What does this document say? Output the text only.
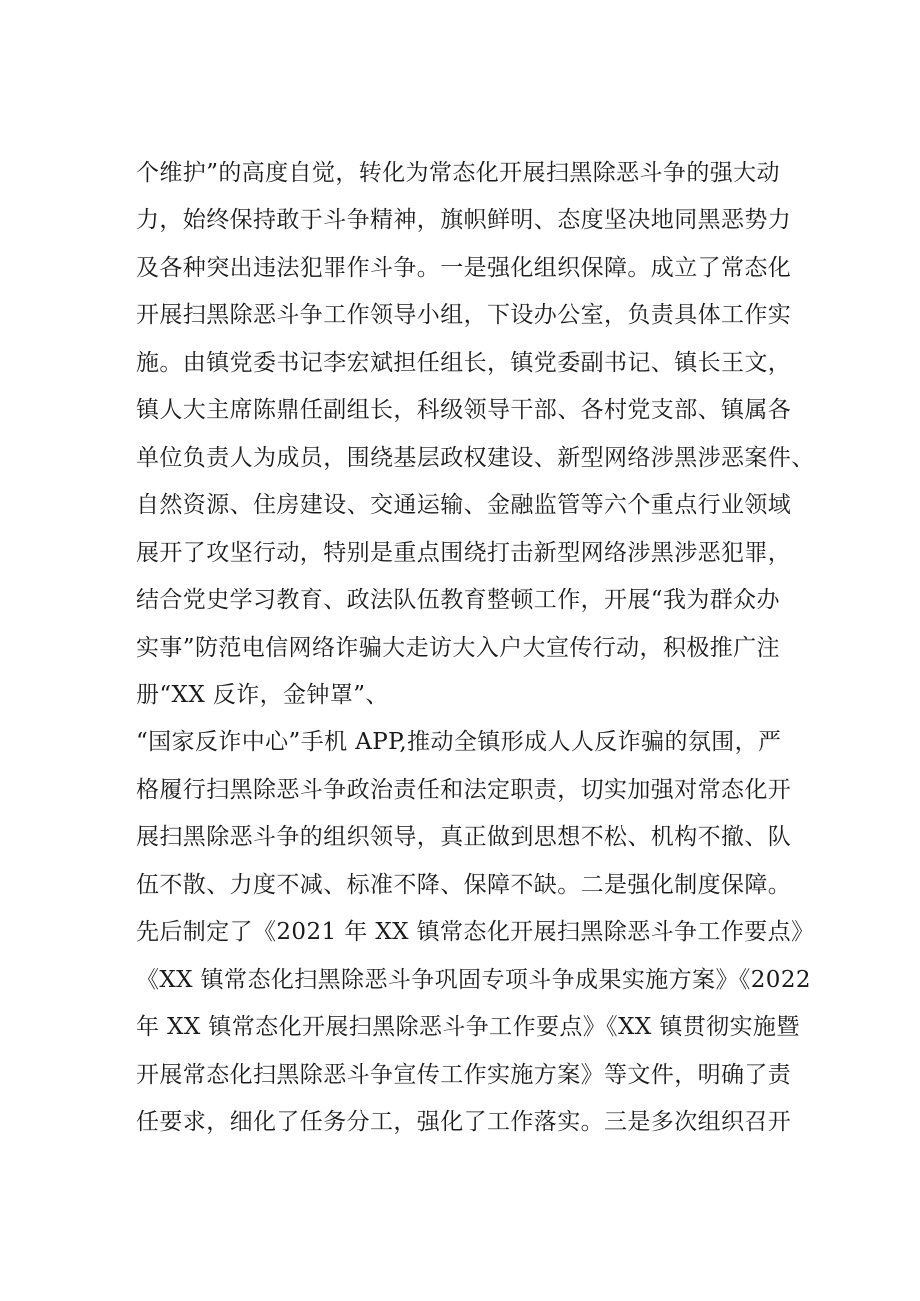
个维护”的高度自觉，转化为常态化开展扫黑除恶斗争的强大动
力，始终保持敢于斗争精神，旗帜鲜明、态度坚决地同黑恶势力
及各种突出违法犯罪作斗争。一是强化组织保障。成立了常态化
开展扫黑除恶斗争工作领导小组，下设办公室，负责具体工作实
施。由镇党委书记李宏斌担任组长，镇党委副书记、镇长王文，
镇人大主席陈鼎任副组长，科级领导干部、各村党支部、镇属各
单位负责人为成员，围绕基层政权建设、新型网络涉黑涉恶案件、
自然资源、住房建设、交通运输、金融监管等六个重点行业领域
展开了攻坚行动，特别是重点围绕打击新型网络涉黑涉恶犯罪，
结合党史学习教育、政法队伍教育整顿工作，开展“我为群众办
实事”防范电信网络诈骗大走访大入户大宣传行动，积极推广注
册“XX 反诈，金钟罩”、
“国家反诈中心”手机 APP,推动全镇形成人人反诈骗的氛围，严
格履行扫黑除恶斗争政治责任和法定职责，切实加强对常态化开
展扫黑除恶斗争的组织领导，真正做到思想不松、机构不撤、队
伍不散、力度不减、标准不降、保障不缺。二是强化制度保障。
先后制定了《2021 年 XX 镇常态化开展扫黑除恶斗争工作要点》
《XX 镇常态化扫黑除恶斗争巩固专项斗争成果实施方案》《2022
年 XX 镇常态化开展扫黑除恶斗争工作要点》《XX 镇贯彻实施暨
开展常态化扫黑除恶斗争宣传工作实施方案》等文件，明确了责
任要求，细化了任务分工，强化了工作落实。三是多次组织召开
